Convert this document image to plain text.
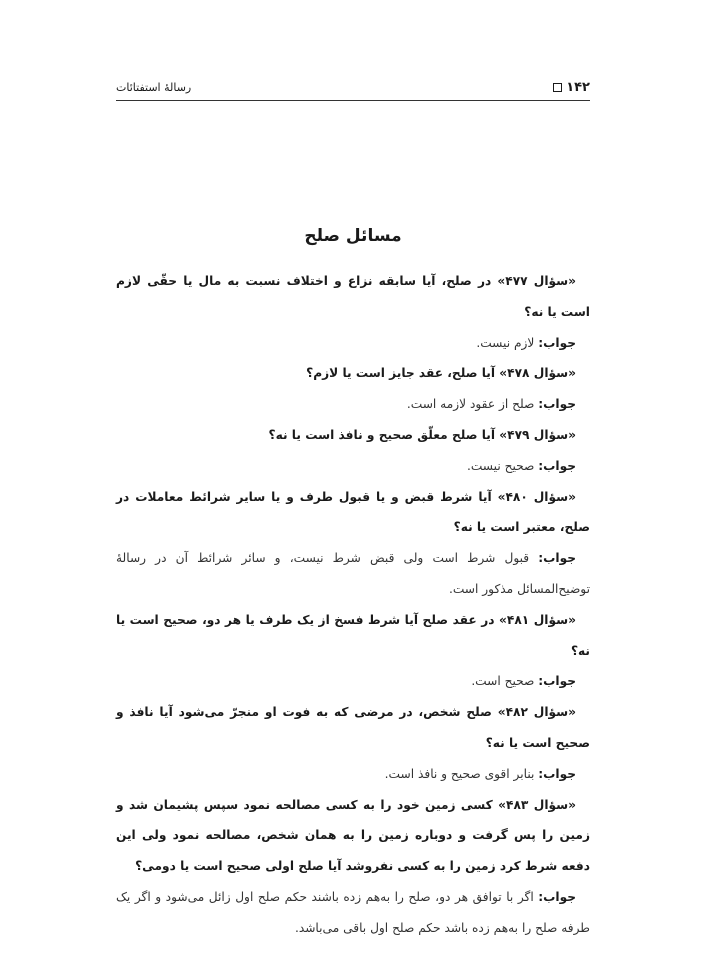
۱۴۲
رسالهٔ استفتائات
مسائل صلح

«سؤال ۴۷۷» در صلح، آیا سابقه نزاع و اختلاف نسبت به مال یا حقّی لازم است یا نه؟

جواب: لازم نیست.

«سؤال ۴۷۸» آیا صلح، عقد جایز است یا لازم؟

جواب: صلح از عقود لازمه است.

«سؤال ۴۷۹» آیا صلح معلّق صحیح و نافذ است یا نه؟

جواب: صحیح نیست.

«سؤال ۴۸۰» آیا شرط قبض و یا قبول طرف و یا سایر شرائط معاملات در صلح، معتبر است یا نه؟

جواب: قبول شرط است ولی قبض شرط نیست، و سائر شرائط آن در رسالهٔ توضیح‌المسائل مذکور است.

«سؤال ۴۸۱» در عقد صلح آیا شرط فسخ از یک طرف یا هر دو، صحیح است یا نه؟

جواب: صحیح است.

«سؤال ۴۸۲» صلح شخص، در مرضی که به فوت او منجرّ می‌شود آیا نافذ و صحیح است یا نه؟

جواب: بنابر اقوی صحیح و نافذ است.

«سؤال ۴۸۳» کسی زمین خود را به کسی مصالحه نمود سپس پشیمان شد و زمین را پس گرفت و دوباره زمین را به همان شخص، مصالحه نمود ولی این دفعه شرط کرد زمین را به کسی نفروشد آیا صلح اولی صحیح است یا دومی؟

جواب: اگر با توافق هر دو، صلح را به‌هم زده باشند حکم صلح اول زائل می‌شود و اگر یک طرفه صلح را به‌هم زده باشد حکم صلح اول باقی می‌باشد.
